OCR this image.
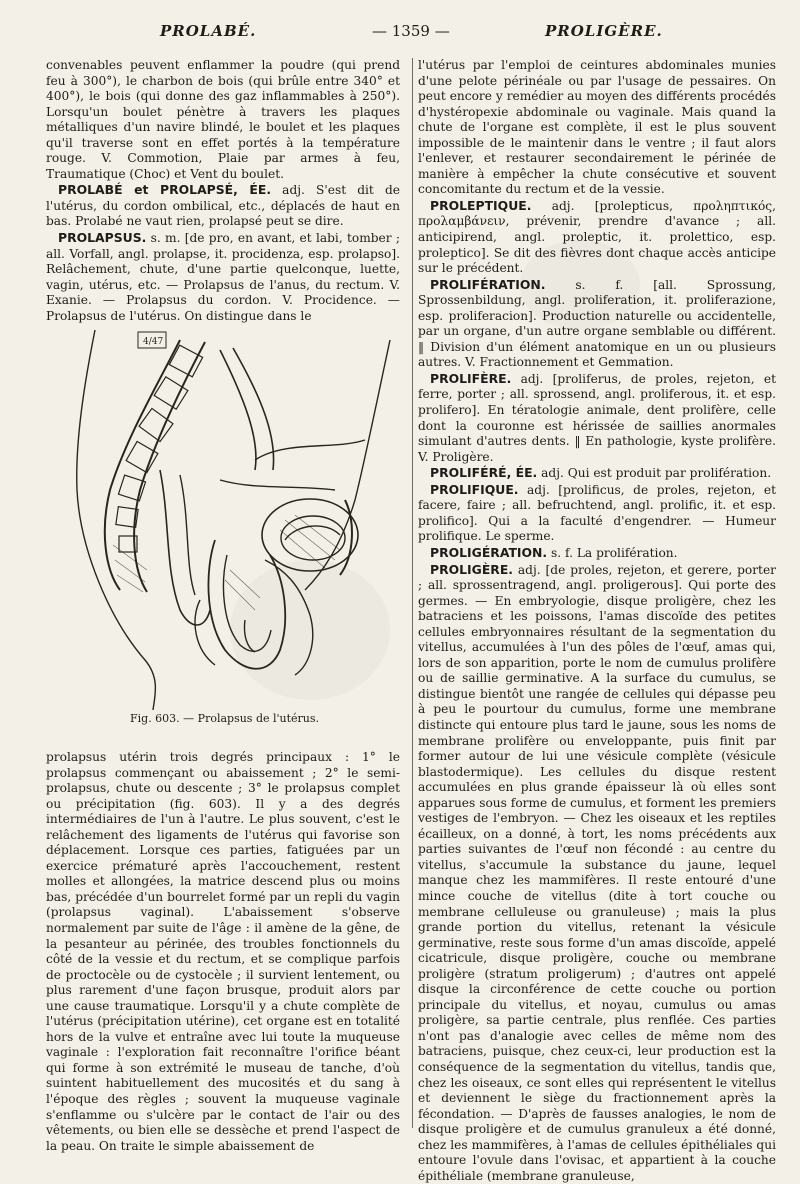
PROLABÉ.	— 1359 —	PROLIGÈRE.

convenables peuvent enflammer la poudre (qui prend feu à 300°), le charbon de bois (qui brûle entre 340° et 400°), le bois (qui donne des gaz inflammables à 250°). Lorsqu'un boulet pénètre à travers les plaques métalliques d'un navire blindé, le boulet et les plaques qu'il traverse sont en effet portés à la température rouge. V. Commotion, Plaie par armes à feu, Traumatique (Choc) et Vent du boulet.

PROLABÉ et PROLAPSÉ, ÉE. adj. S'est dit de l'utérus, du cordon ombilical, etc., déplacés de haut en bas. Prolabé ne vaut rien, prolapsé peut se dire.

PROLAPSUS. s. m. [de pro, en avant, et labi, tomber ; all. Vorfall, angl. prolapse, it. procidenza, esp. prolapso]. Relâchement, chute, d'une partie quelconque, luette, vagin, utérus, etc. — Prolapsus de l'anus, du rectum. V. Exanie. — Prolapsus du cordon. V. Procidence. — Prolapsus de l'utérus. On distingue dans le

4/47
Fig. 603. — Prolapsus de l'utérus.

prolapsus utérin trois degrés principaux : 1° le prolapsus commençant ou abaissement ; 2° le semi-prolapsus, chute ou descente ; 3° le prolapsus complet ou précipitation (fig. 603). Il y a des degrés intermédiaires de l'un à l'autre. Le plus souvent, c'est le relâchement des ligaments de l'utérus qui favorise son déplacement. Lorsque ces parties, fatiguées par un exercice prématuré après l'accouchement, restent molles et allongées, la matrice descend plus ou moins bas, précédée d'un bourrelet formé par un repli du vagin (prolapsus vaginal). L'abaissement s'observe normalement par suite de l'âge : il amène de la gêne, de la pesanteur au périnée, des troubles fonctionnels du côté de la vessie et du rectum, et se complique parfois de proctocèle ou de cystocèle ; il survient lentement, ou plus rarement d'une façon brusque, produit alors par une cause traumatique. Lorsqu'il y a chute complète de l'utérus (précipitation utérine), cet organe est en totalité hors de la vulve et entraîne avec lui toute la muqueuse vaginale : l'exploration fait reconnaître l'orifice béant qui forme à son extrémité le museau de tanche, d'où suintent habituellement des mucosités et du sang à l'époque des règles ; souvent la muqueuse vaginale s'enflamme ou s'ulcère par le contact de l'air ou des vêtements, ou bien elle se dessèche et prend l'aspect de la peau. On traite le simple abaissement de

l'utérus par l'emploi de ceintures abdominales munies d'une pelote périnéale ou par l'usage de pessaires. On peut encore y remédier au moyen des différents procédés d'hystéropexie abdominale ou vaginale. Mais quand la chute de l'organe est complète, il est le plus souvent impossible de le maintenir dans le ventre ; il faut alors l'enlever, et restaurer secondairement le périnée de manière à empêcher la chute consécutive et souvent concomitante du rectum et de la vessie.

PROLEPTIQUE. adj. [prolepticus, προληπτικός, προλαμβάνειν, prévenir, prendre d'avance ; all. anticipirend, angl. proleptic, it. prolettico, esp. proleptico]. Se dit des fièvres dont chaque accès anticipe sur le précédent.

PROLIFÉRATION. s. f. [all. Sprossung, Sprossenbildung, angl. proliferation, it. proliferazione, esp. proliferacion]. Production naturelle ou accidentelle, par un organe, d'un autre organe semblable ou différent. ‖ Division d'un élément anatomique en un ou plusieurs autres. V. Fractionnement et Gemmation.

PROLIFÈRE. adj. [proliferus, de proles, rejeton, et ferre, porter ; all. sprossend, angl. proliferous, it. et esp. prolifero]. En tératologie animale, dent prolifère, celle dont la couronne est hérissée de saillies anormales simulant d'autres dents. ‖ En pathologie, kyste prolifère. V. Proligère.

PROLIFÉRÉ, ÉE. adj. Qui est produit par prolifération.

PROLIFIQUE. adj. [prolificus, de proles, rejeton, et facere, faire ; all. befruchtend, angl. prolific, it. et esp. prolifico]. Qui a la faculté d'engendrer. — Humeur prolifique. Le sperme.

PROLIGÉRATION. s. f. La prolifération.

PROLIGÈRE. adj. [de proles, rejeton, et gerere, porter ; all. sprossentragend, angl. proligerous]. Qui porte des germes. — En embryologie, disque proligère, chez les batraciens et les poissons, l'amas discoïde des petites cellules embryonnaires résultant de la segmentation du vitellus, accumulées à l'un des pôles de l'œuf, amas qui, lors de son apparition, porte le nom de cumulus prolifère ou de saillie germinative. A la surface du cumulus, se distingue bientôt une rangée de cellules qui dépasse peu à peu le pourtour du cumulus, forme une membrane distincte qui entoure plus tard le jaune, sous les noms de membrane prolifère ou enveloppante, puis finit par former autour de lui une vésicule complète (vésicule blastodermique). Les cellules du disque restent accumulées en plus grande épaisseur là où elles sont apparues sous forme de cumulus, et forment les premiers vestiges de l'embryon. — Chez les oiseaux et les reptiles écailleux, on a donné, à tort, les noms précédents aux parties suivantes de l'œuf non fécondé : au centre du vitellus, s'accumule la substance du jaune, lequel manque chez les mammifères. Il reste entouré d'une mince couche de vitellus (dite à tort couche ou membrane celluleuse ou granuleuse) ; mais la plus grande portion du vitellus, retenant la vésicule germinative, reste sous forme d'un amas discoïde, appelé cicatricule, disque proligère, couche ou membrane proligère (stratum proligerum) ; d'autres ont appelé disque la circonférence de cette couche ou portion principale du vitellus, et noyau, cumulus ou amas proligère, sa partie centrale, plus renflée. Ces parties n'ont pas d'analogie avec celles de même nom des batraciens, puisque, chez ceux-ci, leur production est la conséquence de la segmentation du vitellus, tandis que, chez les oiseaux, ce sont elles qui représentent le vitellus et deviennent le siège du fractionnement après la fécondation. — D'après de fausses analogies, le nom de disque proligère et de cumulus granuleux a été donné, chez les mammifères, à l'amas de cellules épithéliales qui entoure l'ovule dans l'ovisac, et appartient à la couche épithéliale (membrane granuleuse,
